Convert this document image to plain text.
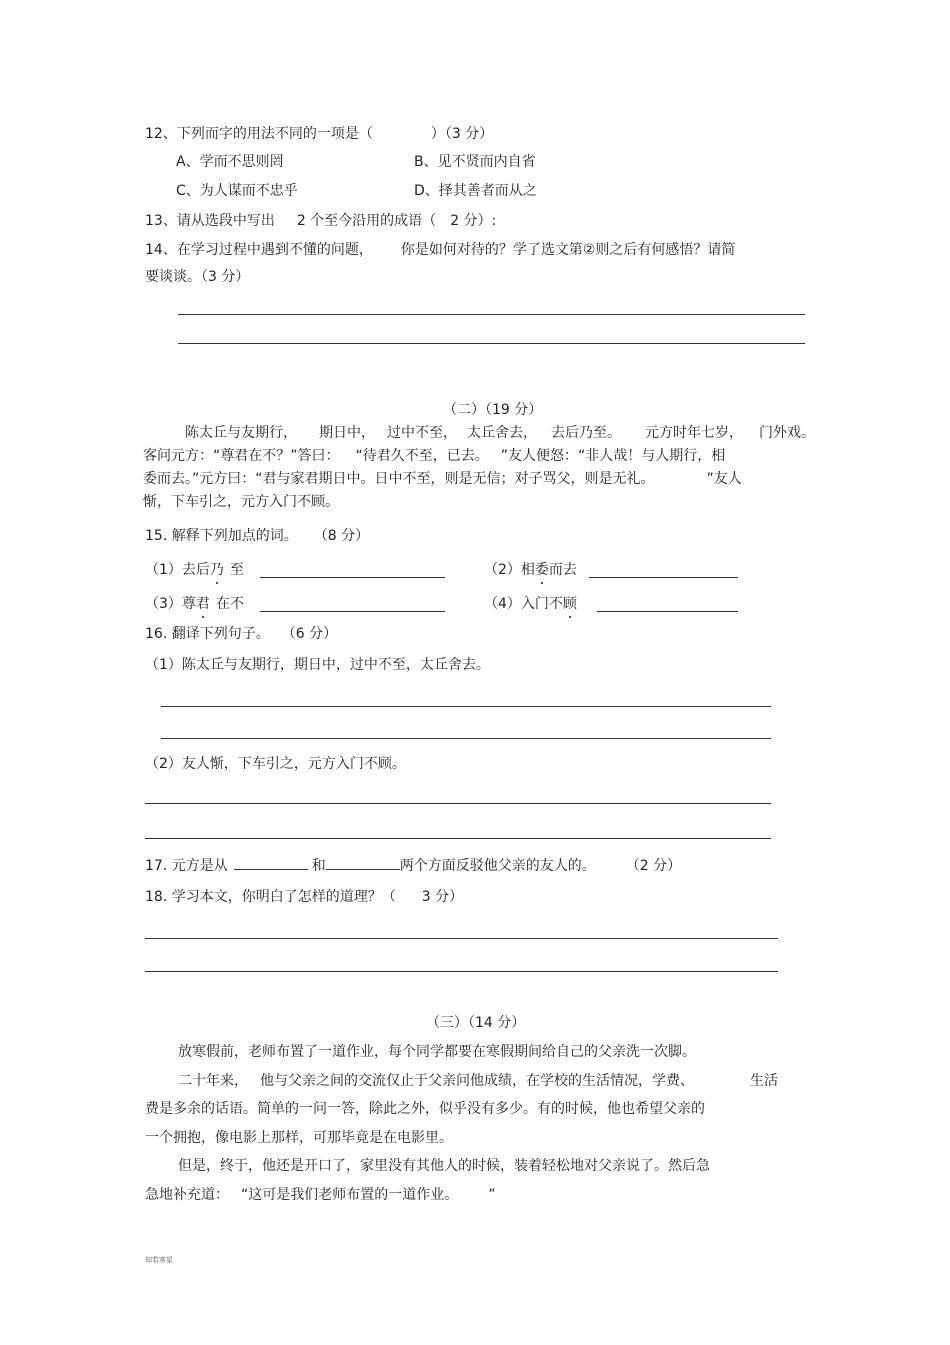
12、下列而字的用法不同的一项是（	）（3 分）
A、学而不思则罔	B、见不贤而内自省
C、为人谋而不忠乎	D、择其善者而从之
13、请从选段中写出 2 个至今沿用的成语（ 2 分）:
14、在学习过程中遇到不懂的问题， 你是如何对待的？学了选文第②则之后有何感悟？请简
要谈谈。（3 分）
（二）（19 分）
陈太丘与友期行， 期日中， 过中不至， 太丘舍去， 去后乃至。 元方时年七岁， 门外戏。
客问元方：“尊君在不？”答曰： “待君久不至，已去。 ”友人便怒：“非人哉！与人期行，相
委而去。”元方曰：“君与家君期日中。日中不至，则是无信；对子骂父，则是无礼。	”友人
惭，下车引之，元方入门不顾。
15. 解释下列加点的词。 （8 分）
（1）去后乃 至	（2）相委而去
（3）尊君 在不	（4）入门不顾
16. 翻译下列句子。 （6 分）
（1）陈太丘与友期行，期日中，过中不至，太丘舍去。
（2）友人惭，下车引之，元方入门不顾。
17. 元方是从	和	两个方面反驳他父亲的友人的。 （2 分）
18. 学习本文，你明白了怎样的道理？（ 3 分）
（三）（14 分）
放寒假前，老师布置了一道作业，每个同学都要在寒假期间给自己的父亲洗一次脚。
二十年来， 他与父亲之间的交流仅止于父亲问他成绩，在学校的生活情况，学费、	生活
费是多余的话语。简单的一问一答，除此之外，似乎没有多少。有的时候，他也希望父亲的
一个拥抱，像电影上那样，可那毕竟是在电影里。
但是，终于，他还是开口了，家里没有其他人的时候，装着轻松地对父亲说了。然后急
急地补充道： “这可是我们老师布置的一道作业。 ”
知若寒星
